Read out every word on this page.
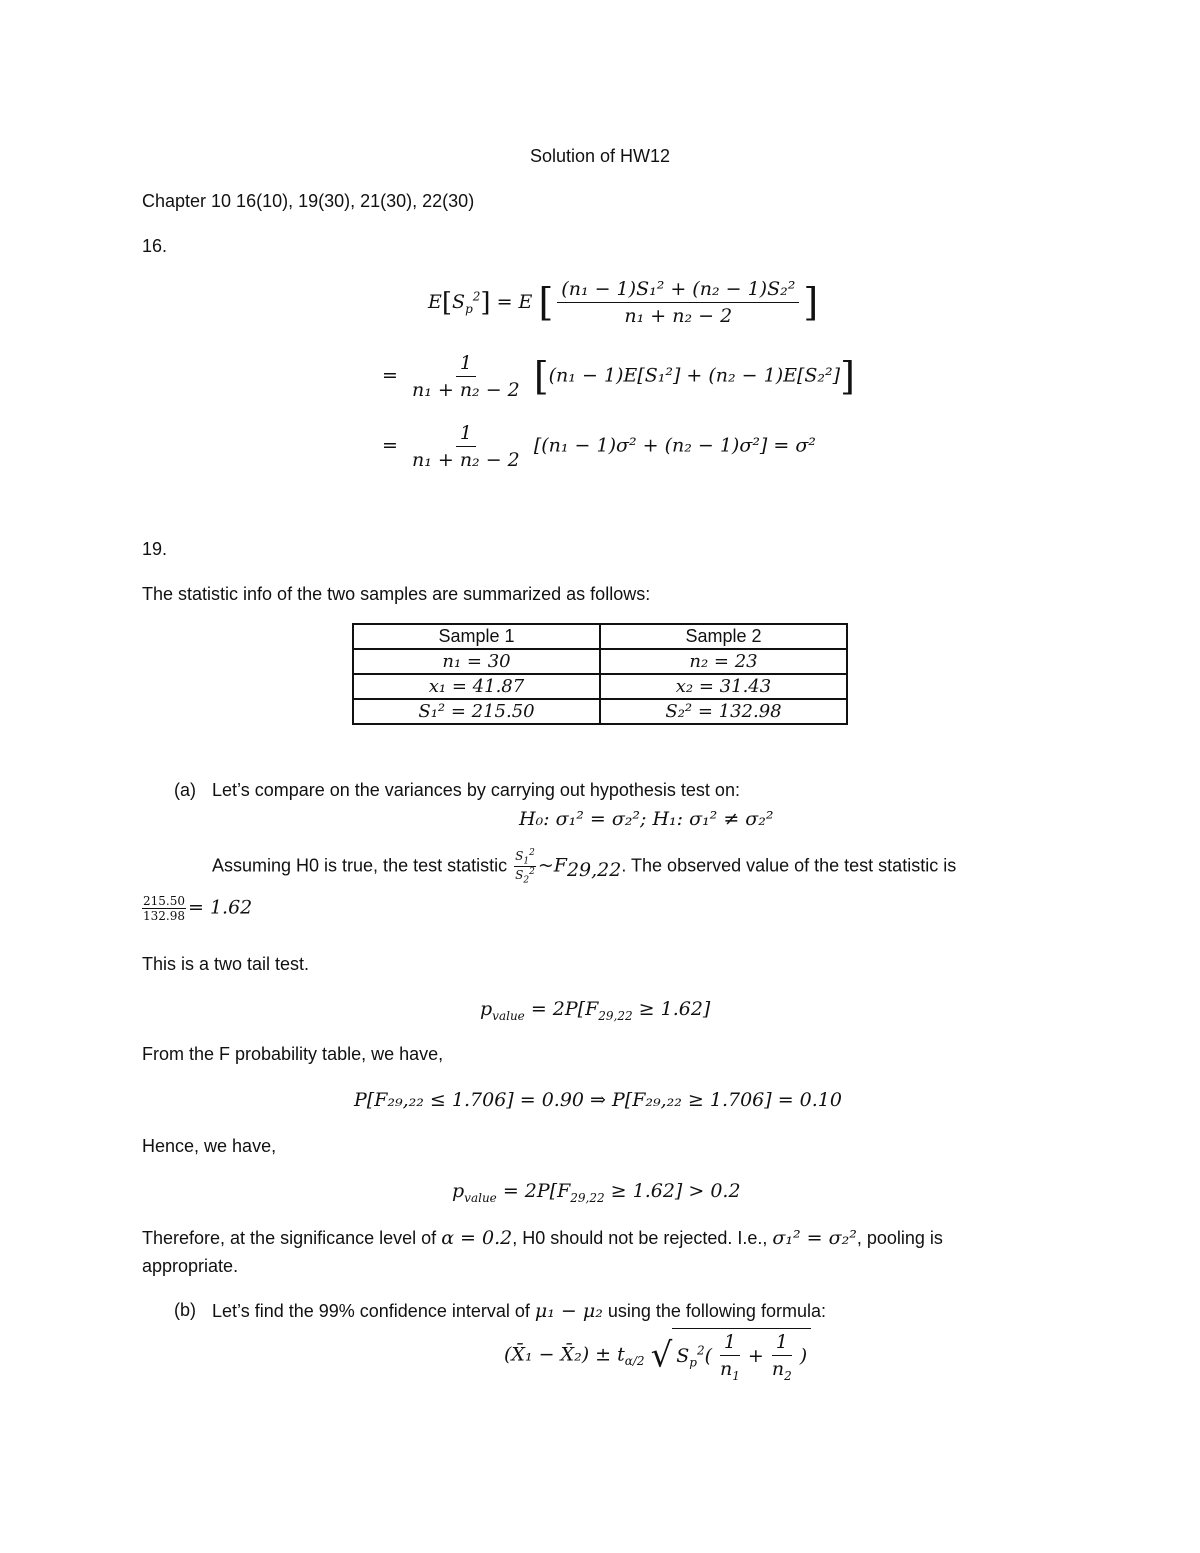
Solution of HW12
Chapter 10 16(10), 19(30), 21(30), 22(30)
16.
$E[S_p^2] = E$ [ $\frac{\text{(n₁ − 1)S₁² + (n₂ − 1)S₂²}}{\text{n₁ + n₂ − 2}}$ ]
= $\frac{1}{\text{n₁ + n₂ − 2}} [(n_1 - 1)E[S_1^2] + (n_2 - 1)E[S_2^2]]$
= $\frac{1}{\text{n₁ + n₂ − 2}} [(n_1 - 1)\sigma^2 + (n_2 - 1)\sigma^2] = \sigma^2$
19.
The statistic info of the two samples are summarized as follows:
Sample 1	Sample 2
n₁ = 30	n₂ = 23
x₁ = 41.87	x₂ = 31.43
S₁² = 215.50	S₂² = 132.98
(a) Let’s compare on the variances by carrying out hypothesis test on:
H₀: σ₁² = σ₂²; H₁: σ₁² ≠ σ₂²
Assuming H0 is true, the test statistic $\frac{S_1^2}{S_2^2}$ $\sim F_{29,22}$. The observed value of the test statistic is
$\frac{215.50}{132.98} = 1.62$
This is a two tail test.
$p_{value} = 2P[F_{29,22} \ge 1.62]$
From the F probability table, we have,
P[F₂₉,₂₂ ≤ 1.706] = 0.90 ⇒ P[F₂₉,₂₂ ≥ 1.706] = 0.10
Hence, we have,
$p_{value} = 2P[F_{29,22} \ge 1.62] > 0.2$
Therefore, at the significance level of α = 0.2, H0 should not be rejected. I.e., σ₁² = σ₂², pooling is
appropriate.
(b) Let’s find the 99% confidence interval of μ₁ − μ₂ using the following formula:
(X̄₁ − X̄₂) ± $t_{\alpha/2}$ √ $S_p^2( \frac{1}{n_1} + \frac{1}{n_2}$ )
